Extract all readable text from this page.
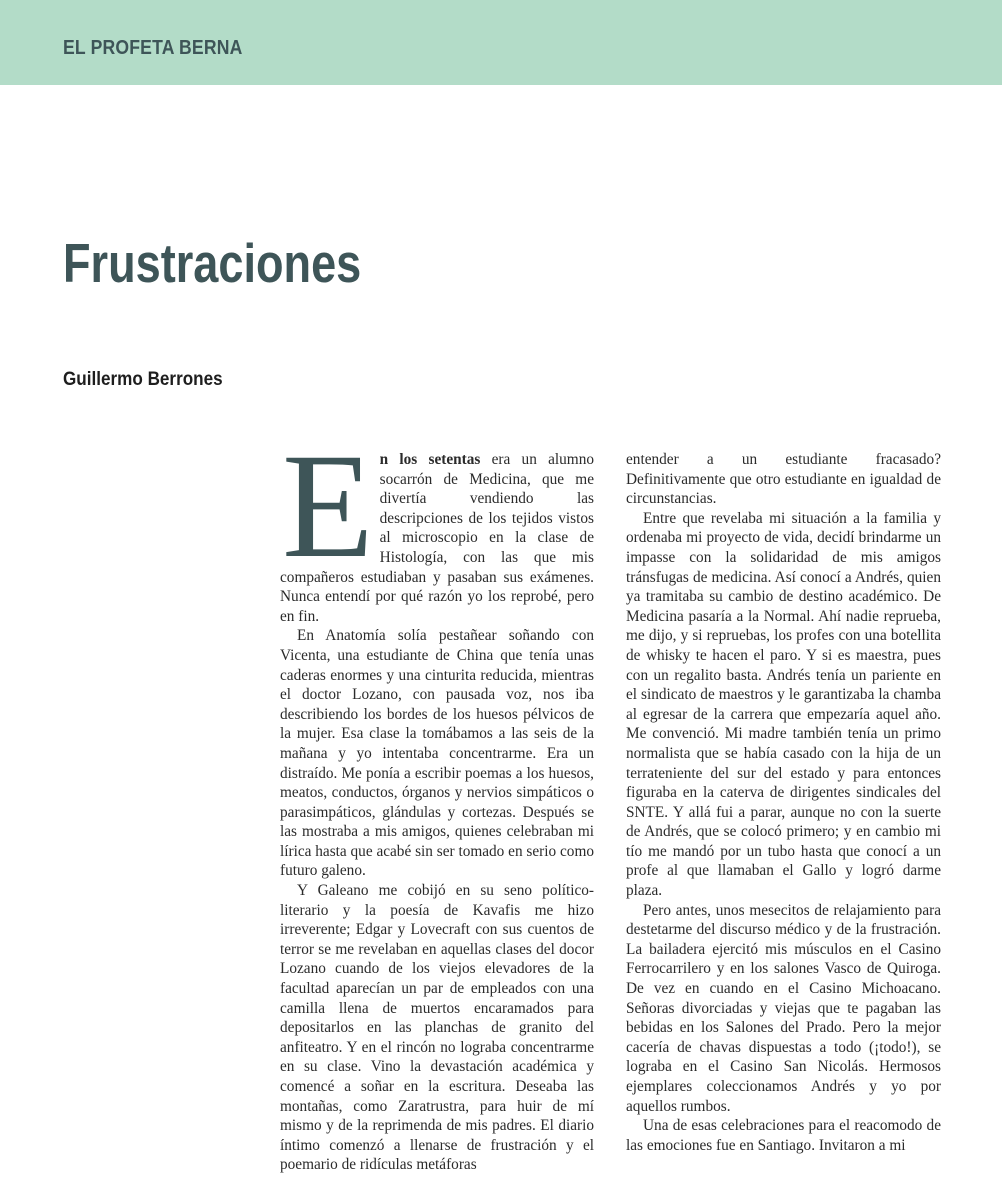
EL PROFETA BERNA
Frustraciones
Guillermo Berrones

En los setentas era un alumno socarrón de Medicina, que me divertía vendiendo las descripciones de los tejidos vistos al microscopio en la clase de Histología, con las que mis compañeros estudiaban y pasaban sus exámenes. Nunca entendí por qué razón yo los reprobé, pero en fin.

En Anatomía solía pestañear soñando con Vicenta, una estudiante de China que tenía unas caderas enormes y una cinturita reducida, mientras el doctor Lozano, con pausada voz, nos iba describiendo los bordes de los huesos pélvicos de la mujer. Esa clase la tomábamos a las seis de la mañana y yo intentaba concentrarme. Era un distraído. Me ponía a escribir poemas a los huesos, meatos, conductos, órganos y nervios simpáticos o parasimpáticos, glándulas y cortezas. Después se las mostraba a mis amigos, quienes celebraban mi lírica hasta que acabé sin ser tomado en serio como futuro galeno.

Y Galeano me cobijó en su seno político-literario y la poesía de Kavafis me hizo irreverente; Edgar y Lovecraft con sus cuentos de terror se me revelaban en aquellas clases del docor Lozano cuando de los viejos elevadores de la facultad aparecían un par de empleados con una camilla llena de muertos encaramados para depositarlos en las planchas de granito del anfiteatro. Y en el rincón no lograba concentrarme en su clase. Vino la devastación académica y comencé a soñar en la escritura. Deseaba las montañas, como Zaratrustra, para huir de mí mismo y de la reprimenda de mis padres. El diario íntimo comenzó a llenarse de frustración y el poemario de ridículas metáforas

entender a un estudiante fracasado? Definitivamente que otro estudiante en igualdad de circunstancias.

Entre que revelaba mi situación a la familia y ordenaba mi proyecto de vida, decidí brindarme un impasse con la solidaridad de mis amigos tránsfugas de medicina. Así conocí a Andrés, quien ya tramitaba su cambio de destino académico. De Medicina pasaría a la Normal. Ahí nadie reprueba, me dijo, y si repruebas, los profes con una botellita de whisky te hacen el paro. Y si es maestra, pues con un regalito basta. Andrés tenía un pariente en el sindicato de maestros y le garantizaba la chamba al egresar de la carrera que empezaría aquel año. Me convenció. Mi madre también tenía un primo normalista que se había casado con la hija de un terrateniente del sur del estado y para entonces figuraba en la caterva de dirigentes sindicales del SNTE. Y allá fui a parar, aunque no con la suerte de Andrés, que se colocó primero; y en cambio mi tío me mandó por un tubo hasta que conocí a un profe al que llamaban el Gallo y logró darme plaza.

Pero antes, unos mesecitos de relajamiento para destetarme del discurso médico y de la frustración. La bailadera ejercitó mis músculos en el Casino Ferrocarrilero y en los salones Vasco de Quiroga. De vez en cuando en el Casino Michoacano. Señoras divorciadas y viejas que te pagaban las bebidas en los Salones del Prado. Pero la mejor cacería de chavas dispuestas a todo (¡todo!), se lograba en el Casino San Nicolás. Hermosos ejemplares coleccionamos Andrés y yo por aquellos rumbos.

Una de esas celebraciones para el reacomodo de las emociones fue en Santiago. Invitaron a mi
